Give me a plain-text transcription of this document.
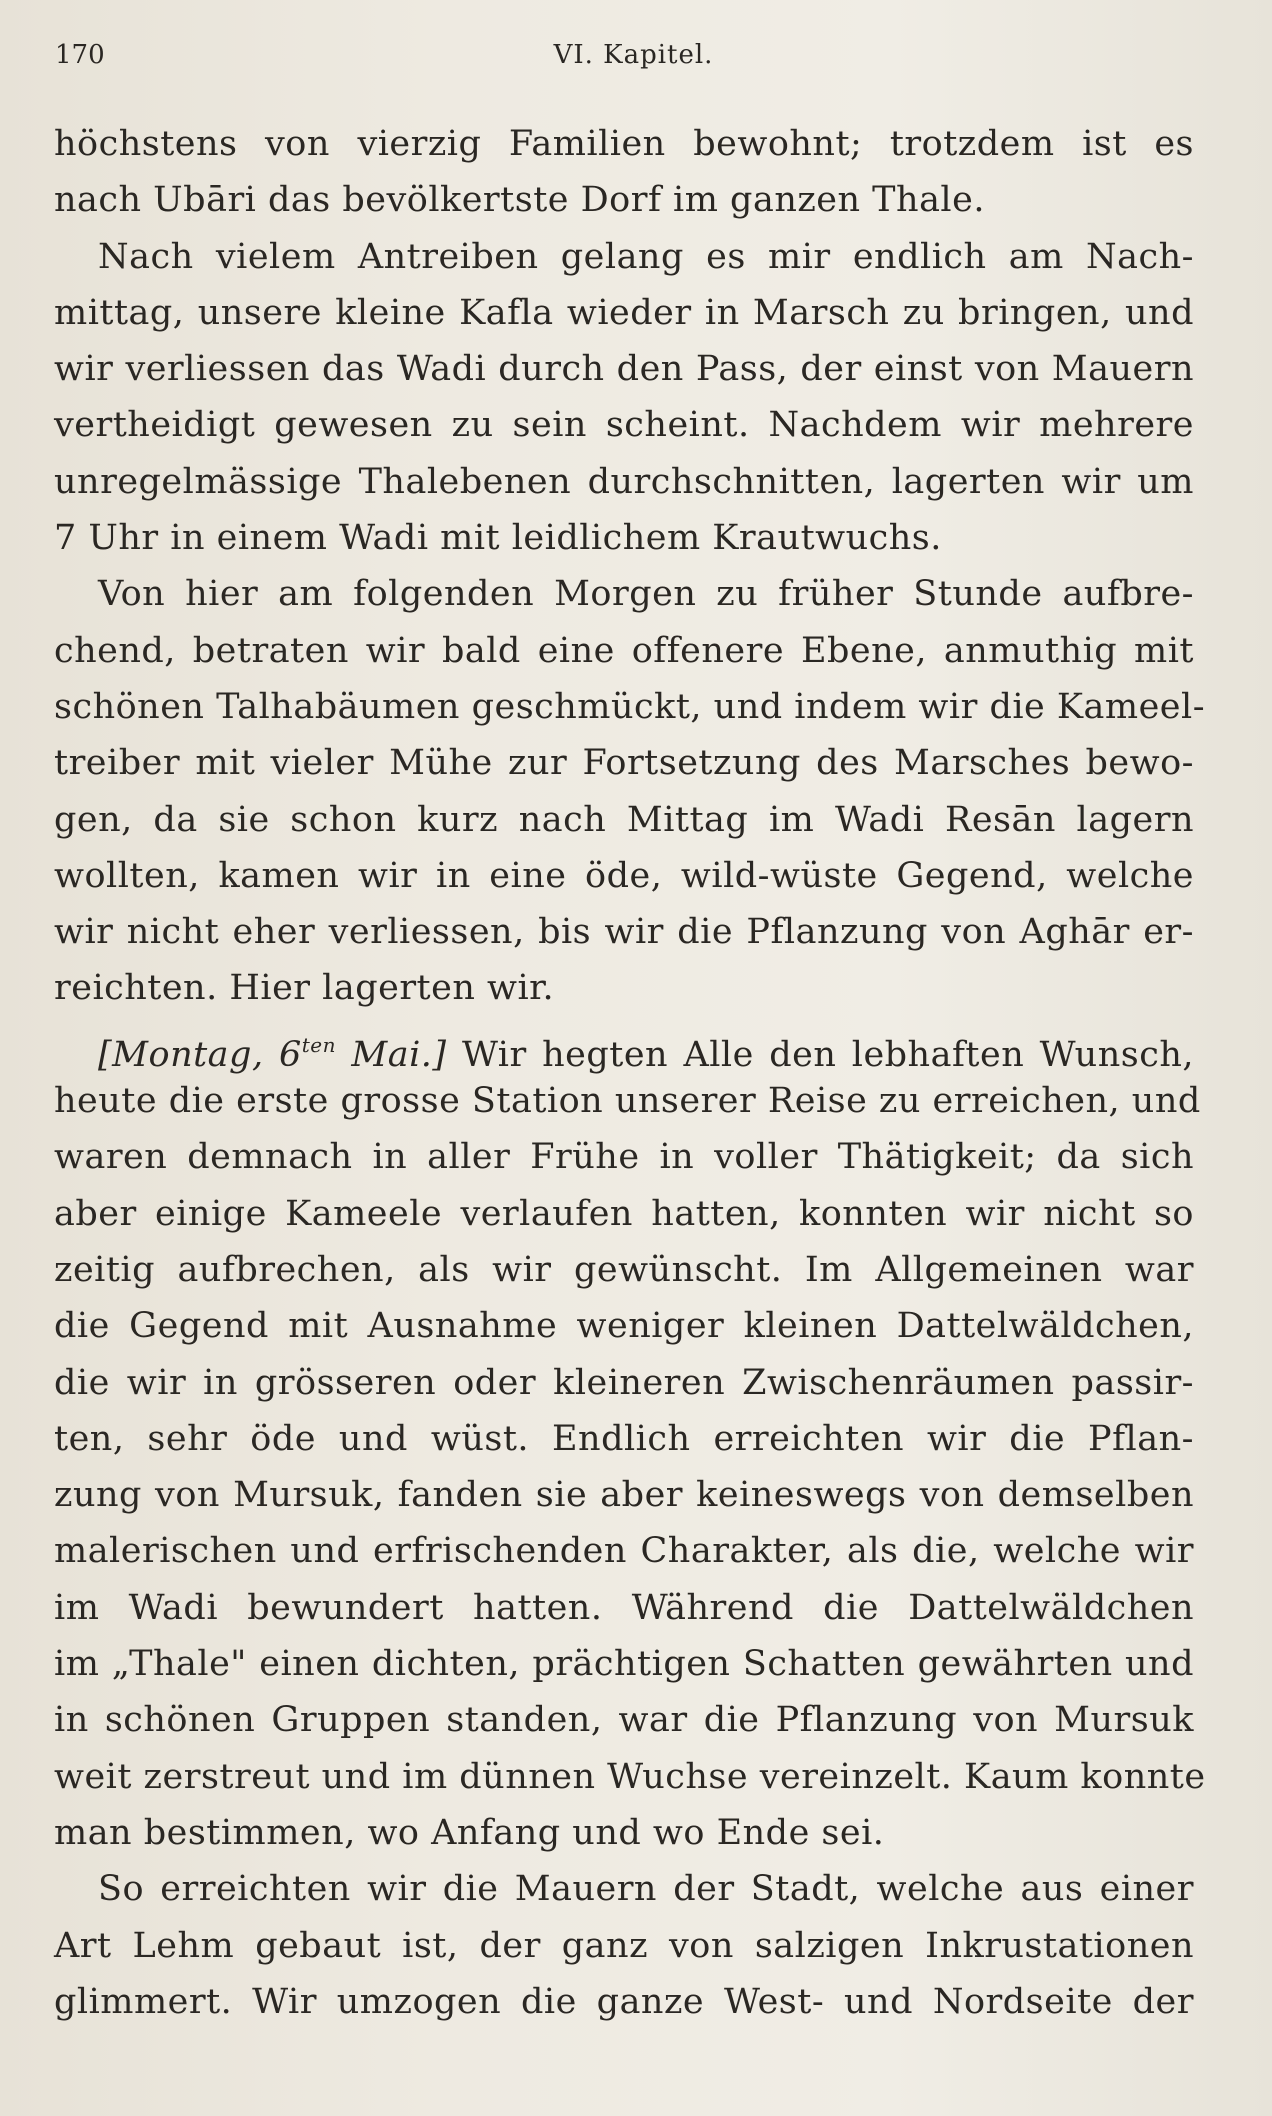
170	VI. Kapitel.
höchstens von vierzig Familien bewohnt; trotzdem ist es
nach Ubāri das bevölkertste Dorf im ganzen Thale.
Nach vielem Antreiben gelang es mir endlich am Nach-
mittag, unsere kleine Kafla wieder in Marsch zu bringen, und
wir verliessen das Wadi durch den Pass, der einst von Mauern
vertheidigt gewesen zu sein scheint. Nachdem wir mehrere
unregelmässige Thalebenen durchschnitten, lagerten wir um
7 Uhr in einem Wadi mit leidlichem Krautwuchs.
Von hier am folgenden Morgen zu früher Stunde aufbre-
chend, betraten wir bald eine offenere Ebene, anmuthig mit
schönen Talhabäumen geschmückt, und indem wir die Kameel-
treiber mit vieler Mühe zur Fortsetzung des Marsches bewo-
gen, da sie schon kurz nach Mittag im Wadi Resān lagern
wollten, kamen wir in eine öde, wild-wüste Gegend, welche
wir nicht eher verliessen, bis wir die Pflanzung von Aghār er-
reichten. Hier lagerten wir.
[Montag, $6^{ten}$ Mai.] Wir hegten Alle den lebhaften Wunsch,
heute die erste grosse Station unserer Reise zu erreichen, und
waren demnach in aller Frühe in voller Thätigkeit; da sich
aber einige Kameele verlaufen hatten, konnten wir nicht so
zeitig aufbrechen, als wir gewünscht. Im Allgemeinen war
die Gegend mit Ausnahme weniger kleinen Dattelwäldchen,
die wir in grösseren oder kleineren Zwischenräumen passir-
ten, sehr öde und wüst. Endlich erreichten wir die Pflan-
zung von Mursuk, fanden sie aber keineswegs von demselben
malerischen und erfrischenden Charakter, als die, welche wir
im Wadi bewundert hatten. Während die Dattelwäldchen
im „Thale" einen dichten, prächtigen Schatten gewährten und
in schönen Gruppen standen, war die Pflanzung von Mursuk
weit zerstreut und im dünnen Wuchse vereinzelt. Kaum konnte
man bestimmen, wo Anfang und wo Ende sei.
So erreichten wir die Mauern der Stadt, welche aus einer
Art Lehm gebaut ist, der ganz von salzigen Inkrustationen
glimmert. Wir umzogen die ganze West- und Nordseite der
